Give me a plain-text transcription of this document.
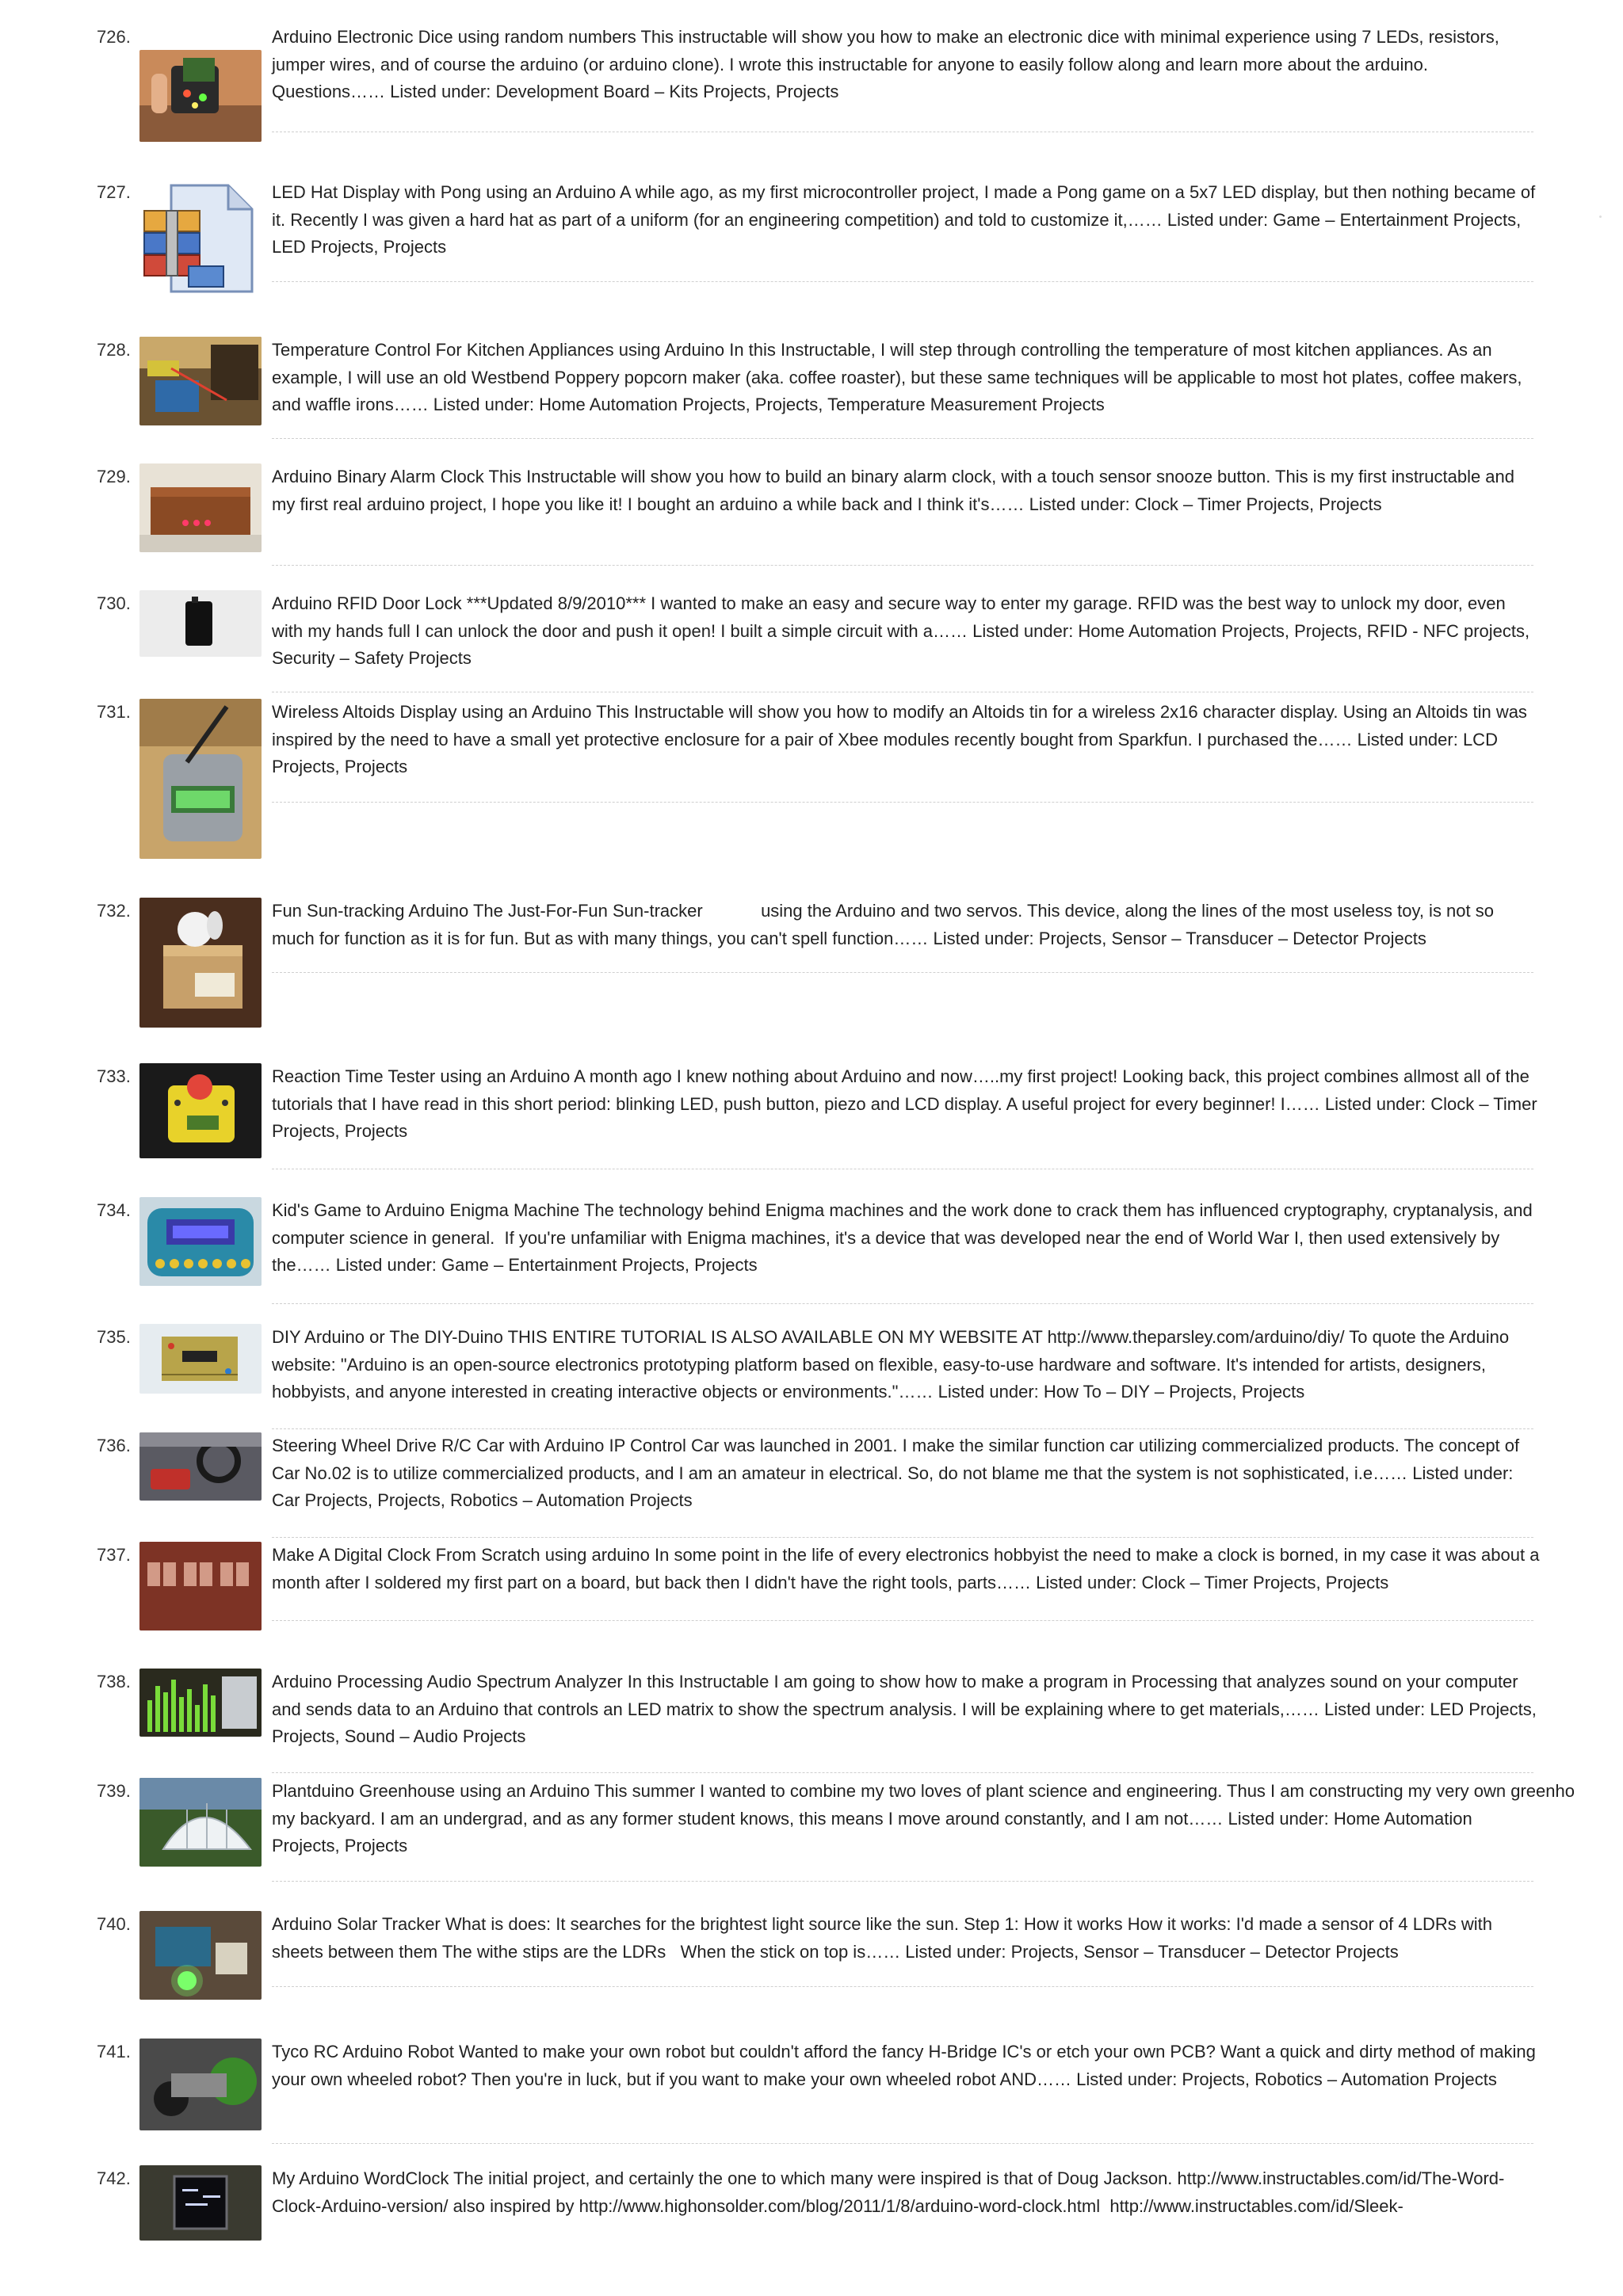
726.	Arduino Electronic Dice using random numbers This instructable will show you how to make an electronic dice with minimal experience using 7 LEDs, resistors, jumper wires, and of course the arduino (or arduino clone). I wrote this instructable for anyone to easily follow along and learn more about the arduino. Questions…… Listed under: Development Board – Kits Projects, Projects
727.	LED Hat Display with Pong using an Arduino A while ago, as my first microcontroller project, I made a Pong game on a 5x7 LED display, but then nothing became of it. Recently I was given a hard hat as part of a uniform (for an engineering competition) and told to customize it,…… Listed under: Game – Entertainment Projects, LED Projects, Projects
728.	Temperature Control For Kitchen Appliances using Arduino In this Instructable, I will step through controlling the temperature of most kitchen appliances. As an example, I will use an old Westbend Poppery popcorn maker (aka. coffee roaster), but these same techniques will be applicable to most hot plates, coffee makers, and waffle irons…… Listed under: Home Automation Projects, Projects, Temperature Measurement Projects
729.	Arduino Binary Alarm Clock This Instructable will show you how to build an binary alarm clock, with a touch sensor snooze button. This is my first instructable and my first real arduino project, I hope you like it! I bought an arduino a while back and I think it's…… Listed under: Clock – Timer Projects, Projects
730.	Arduino RFID Door Lock ***Updated 8/9/2010*** I wanted to make an easy and secure way to enter my garage. RFID was the best way to unlock my door, even with my hands full I can unlock the door and push it open! I built a simple circuit with a…… Listed under: Home Automation Projects, Projects, RFID - NFC projects, Security – Safety Projects
731.	Wireless Altoids Display using an Arduino This Instructable will show you how to modify an Altoids tin for a wireless 2x16 character display. Using an Altoids tin was inspired by the need to have a small yet protective enclosure for a pair of Xbee modules recently bought from Sparkfun. I purchased the…… Listed under: LCD Projects, Projects
732.	Fun Sun-tracking Arduino The Just-For-Fun Sun-tracker            using the Arduino and two servos. This device, along the lines of the most useless toy, is not so much for function as it is for fun. But as with many things, you can't spell function…… Listed under: Projects, Sensor – Transducer – Detector Projects
733.	Reaction Time Tester using an Arduino A month ago I knew nothing about Arduino and now…..my first project! Looking back, this project combines allmost all of the tutorials that I have read in this short period: blinking LED, push button, piezo and LCD display. A useful project for every beginner! I…… Listed under: Clock – Timer Projects, Projects
734.	Kid's Game to Arduino Enigma Machine The technology behind Enigma machines and the work done to crack them has influenced cryptography, cryptanalysis, and computer science in general.  If you're unfamiliar with Enigma machines, it's a device that was developed near the end of World War I, then used extensively by the…… Listed under: Game – Entertainment Projects, Projects
735.	DIY Arduino or The DIY-Duino THIS ENTIRE TUTORIAL IS ALSO AVAILABLE ON MY WEBSITE AT http://www.theparsley.com/arduino/diy/ To quote the Arduino website: "Arduino is an open-source electronics prototyping platform based on flexible, easy-to-use hardware and software. It's intended for artists, designers, hobbyists, and anyone interested in creating interactive objects or environments."…… Listed under: How To – DIY – Projects, Projects
736.	Steering Wheel Drive R/C Car with Arduino IP Control Car was launched in 2001. I make the similar function car utilizing commercialized products. The concept of Car No.02 is to utilize commercialized products, and I am an amateur in electrical. So, do not blame me that the system is not sophisticated, i.e…… Listed under: Car Projects, Projects, Robotics – Automation Projects
737.	Make A Digital Clock From Scratch using arduino In some point in the life of every electronics hobbyist the need to make a clock is borned, in my case it was about a month after I soldered my first part on a board, but back then I didn't have the right tools, parts…… Listed under: Clock – Timer Projects, Projects
738.	Arduino Processing Audio Spectrum Analyzer In this Instructable I am going to show how to make a program in Processing that analyzes sound on your computer and sends data to an Arduino that controls an LED matrix to show the spectrum analysis. I will be explaining where to get materials,…… Listed under: LED Projects, Projects, Sound – Audio Projects
739.	Plantduino Greenhouse using an Arduino This summer I wanted to combine my two loves of plant science and engineering. Thus I am constructing my very own greenho
my backyard. I am an undergrad, and as any former student knows, this means I move around constantly, and I am not…… Listed under: Home Automation Projects, Projects
740.	Arduino Solar Tracker What is does: It searches for the brightest light source like the sun. Step 1: How it works How it works: I'd made a sensor of 4 LDRs with sheets between them The withe stips are the LDRs   When the stick on top is…… Listed under: Projects, Sensor – Transducer – Detector Projects
741.	Tyco RC Arduino Robot Wanted to make your own robot but couldn't afford the fancy H-Bridge IC's or etch your own PCB? Want a quick and dirty method of making your own wheeled robot? Then you're in luck, but if you want to make your own wheeled robot AND…… Listed under: Projects, Robotics – Automation Projects
742.	My Arduino WordClock The initial project, and certainly the one to which many were inspired is that of Doug Jackson. http://www.instructables.com/id/The-Word-Clock-Arduino-version/ also inspired by http://www.highonsolder.com/blog/2011/1/8/arduino-word-clock.html  http://www.instructables.com/id/Sleek-
